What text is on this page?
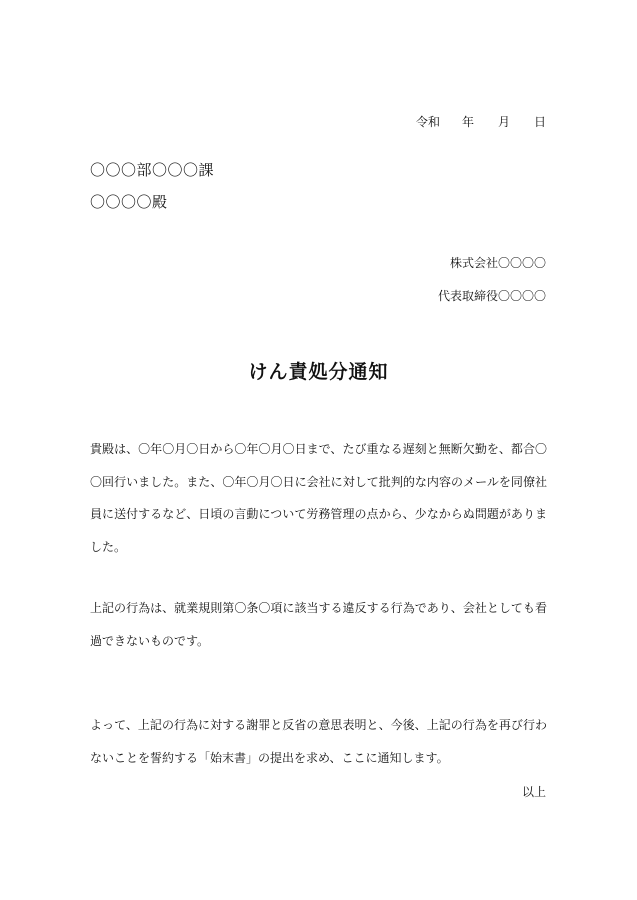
令和 年 月 日
〇〇〇部〇〇〇課
〇〇〇〇殿
株式会社〇〇〇〇
代表取締役〇〇〇〇
けん責処分通知
貴殿は、〇年〇月〇日から〇年〇月〇日まで、たび重なる遅刻と無断欠勤を、都合〇〇回行いました。また、〇年〇月〇日に会社に対して批判的な内容のメールを同僚社員に送付するなど、日頃の言動について労務管理の点から、少なからぬ問題がありました。
上記の行為は、就業規則第〇条〇項に該当する違反する行為であり、会社としても看過できないものです。
よって、上記の行為に対する謝罪と反省の意思表明と、今後、上記の行為を再び行わないことを誓約する「始末書」の提出を求め、ここに通知します。
以上
